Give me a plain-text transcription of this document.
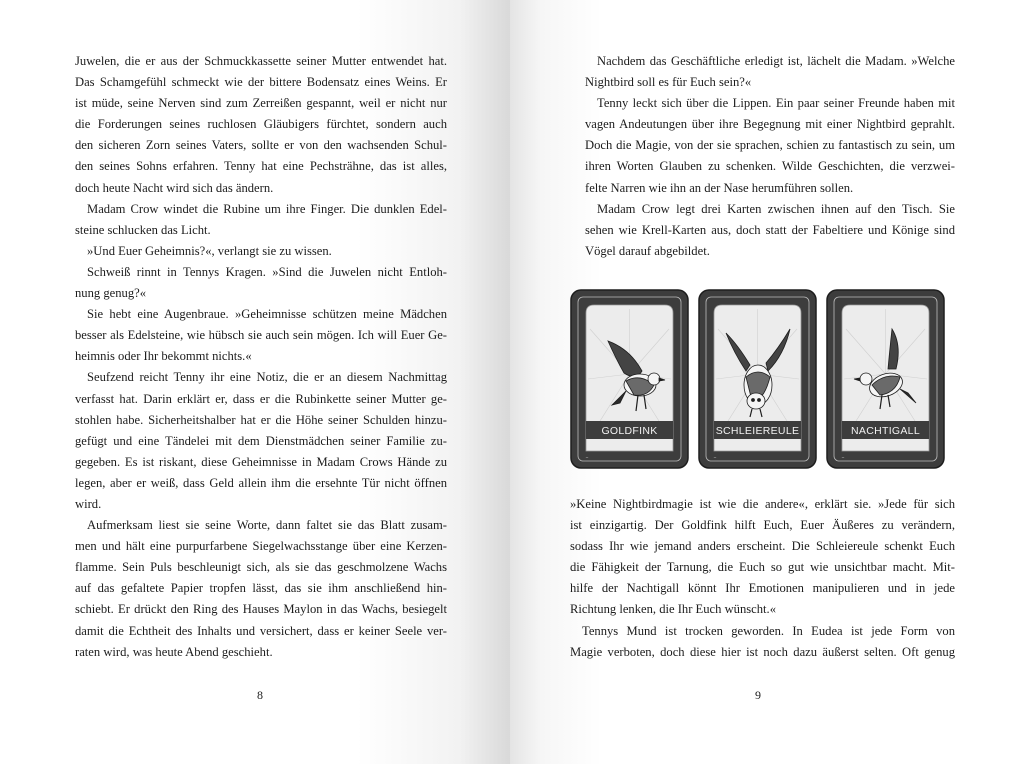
Juwelen, die er aus der Schmuckkassette seiner Mutter entwendet hat.
Das Schamgefühl schmeckt wie der bittere Bodensatz eines Weins. Er
ist müde, seine Nerven sind zum Zerreißen gespannt, weil er nicht nur
die Forderungen seines ruchlosen Gläubigers fürchtet, sondern auch
den sicheren Zorn seines Vaters, sollte er von den wachsenden Schul-
den seines Sohns erfahren. Tenny hat eine Pechsträhne, das ist alles,
doch heute Nacht wird sich das ändern.
Madam Crow windet die Rubine um ihre Finger. Die dunklen Edel-
steine schlucken das Licht.
»Und Euer Geheimnis?«, verlangt sie zu wissen.
Schweiß rinnt in Tennys Kragen. »Sind die Juwelen nicht Entloh-
nung genug?«
Sie hebt eine Augenbraue. »Geheimnisse schützen meine Mädchen
besser als Edelsteine, wie hübsch sie auch sein mögen. Ich will Euer Ge-
heimnis oder Ihr bekommt nichts.«
Seufzend reicht Tenny ihr eine Notiz, die er an diesem Nachmittag
verfasst hat. Darin erklärt er, dass er die Rubinkette seiner Mutter ge-
stohlen habe. Sicherheitshalber hat er die Höhe seiner Schulden hinzu-
gefügt und eine Tändelei mit dem Dienstmädchen seiner Familie zu-
gegeben. Es ist riskant, diese Geheimnisse in Madam Crows Hände zu
legen, aber er weiß, dass Geld allein ihm die ersehnte Tür nicht öffnen
wird.
Aufmerksam liest sie seine Worte, dann faltet sie das Blatt zusam-
men und hält eine purpurfarbene Siegelwachsstange über eine Kerzen-
flamme. Sein Puls beschleunigt sich, als sie das geschmolzene Wachs
auf das gefaltete Papier tropfen lässt, das sie ihm anschließend hin-
schiebt. Er drückt den Ring des Hauses Maylon in das Wachs, besiegelt
damit die Echtheit des Inhalts und versichert, dass er keiner Seele ver-
raten wird, was heute Abend geschieht.
8
Nachdem das Geschäftliche erledigt ist, lächelt die Madam. »Welche
Nightbird soll es für Euch sein?«
Tenny leckt sich über die Lippen. Ein paar seiner Freunde haben mit
vagen Andeutungen über ihre Begegnung mit einer Nightbird geprahlt.
Doch die Magie, von der sie sprachen, schien zu fantastisch zu sein, um
ihren Worten Glauben zu schenken. Wilde Geschichten, die verzwei-
felte Narren wie ihn an der Nase herumführen sollen.
Madam Crow legt drei Karten zwischen ihnen auf den Tisch. Sie
sehen wie Krell-Karten aus, doch statt der Fabeltiere und Könige sind
Vögel darauf abgebildet.
GOLDFINK	SCHLEIEREULE	NACHTIGALL
»Keine Nightbirdmagie ist wie die andere«, erklärt sie. »Jede für sich
ist einzigartig. Der Goldfink hilft Euch, Euer Äußeres zu verändern,
sodass Ihr wie jemand anders erscheint. Die Schleiereule schenkt Euch
die Fähigkeit der Tarnung, die Euch so gut wie unsichtbar macht. Mit-
hilfe der Nachtigall könnt Ihr Emotionen manipulieren und in jede
Richtung lenken, die Ihr Euch wünscht.«
Tennys Mund ist trocken geworden. In Eudea ist jede Form von
Magie verboten, doch diese hier ist noch dazu äußerst selten. Oft genug
9
